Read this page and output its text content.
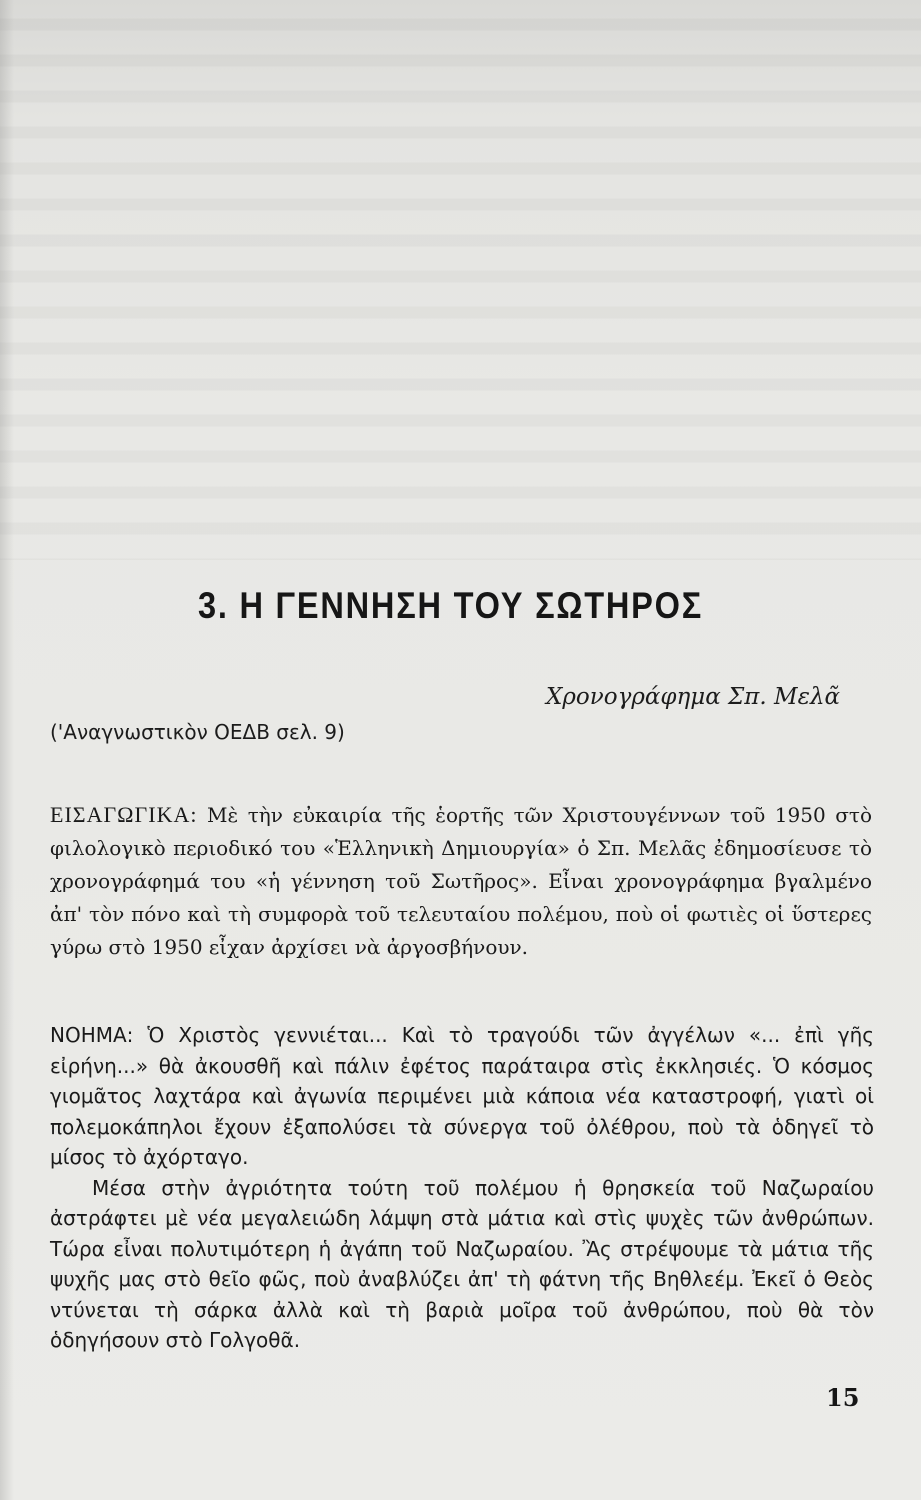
3. Η ΓΕΝΝΗΣΗ ΤΟΥ ΣΩΤΗΡΟΣ
Χρονογράφημα Σπ. Μελᾶ
('Αναγνωστικὸν ΟΕΔΒ σελ. 9)

ΕΙΣΑΓΩΓΙΚΑ: Μὲ τὴν εὐκαιρία τῆς ἑορτῆς τῶν Χριστουγέννων τοῦ 1950 στὸ φιλολογικὸ περιοδικό του «Ἑλληνικὴ Δημιουργία» ὁ Σπ. Μελᾶς ἐδημοσίευσε τὸ χρονογράφημά του «ἡ γέννηση τοῦ Σωτῆρος». Εἶναι χρονογράφημα βγαλμένο ἀπ' τὸν πόνο καὶ τὴ συμφορὰ τοῦ τελευταίου πολέμου, ποὺ οἱ φωτιὲς οἱ ὕστερες γύρω στὸ 1950 εἶχαν ἀρχίσει νὰ ἀργοσβήνουν.

ΝΟΗΜΑ: Ὁ Χριστὸς γεννιέται... Καὶ τὸ τραγούδι τῶν ἀγγέλων «... ἐπὶ γῆς εἰρήνη...» θὰ ἀκουσθῆ καὶ πάλιν ἐφέτος παράταιρα στὶς ἐκκλησιές. Ὁ κόσμος γιομᾶτος λαχτάρα καὶ ἀγωνία περιμένει μιὰ κάποια νέα καταστροφή, γιατὶ οἱ πολεμοκάπηλοι ἔχουν ἐξαπολύσει τὰ σύνεργα τοῦ ὀλέθρου, ποὺ τὰ ὁδηγεῖ τὸ μίσος τὸ ἀχόρταγο.

Μέσα στὴν ἀγριότητα τούτη τοῦ πολέμου ἡ θρησκεία τοῦ Ναζωραίου ἀστράφτει μὲ νέα μεγαλειώδη λάμψη στὰ μάτια καὶ στὶς ψυχὲς τῶν ἀνθρώπων. Τώρα εἶναι πολυτιμότερη ἡ ἀγάπη τοῦ Ναζωραίου. Ἂς στρέψουμε τὰ μάτια τῆς ψυχῆς μας στὸ θεῖο φῶς, ποὺ ἀναβλύζει ἀπ' τὴ φάτνη τῆς Βηθλεέμ. Ἐκεῖ ὁ Θεὸς ντύνεται τὴ σάρκα ἀλλὰ καὶ τὴ βαριὰ μοῖρα τοῦ ἀνθρώπου, ποὺ θὰ τὸν ὁδηγήσουν στὸ Γολγοθᾶ.

15
